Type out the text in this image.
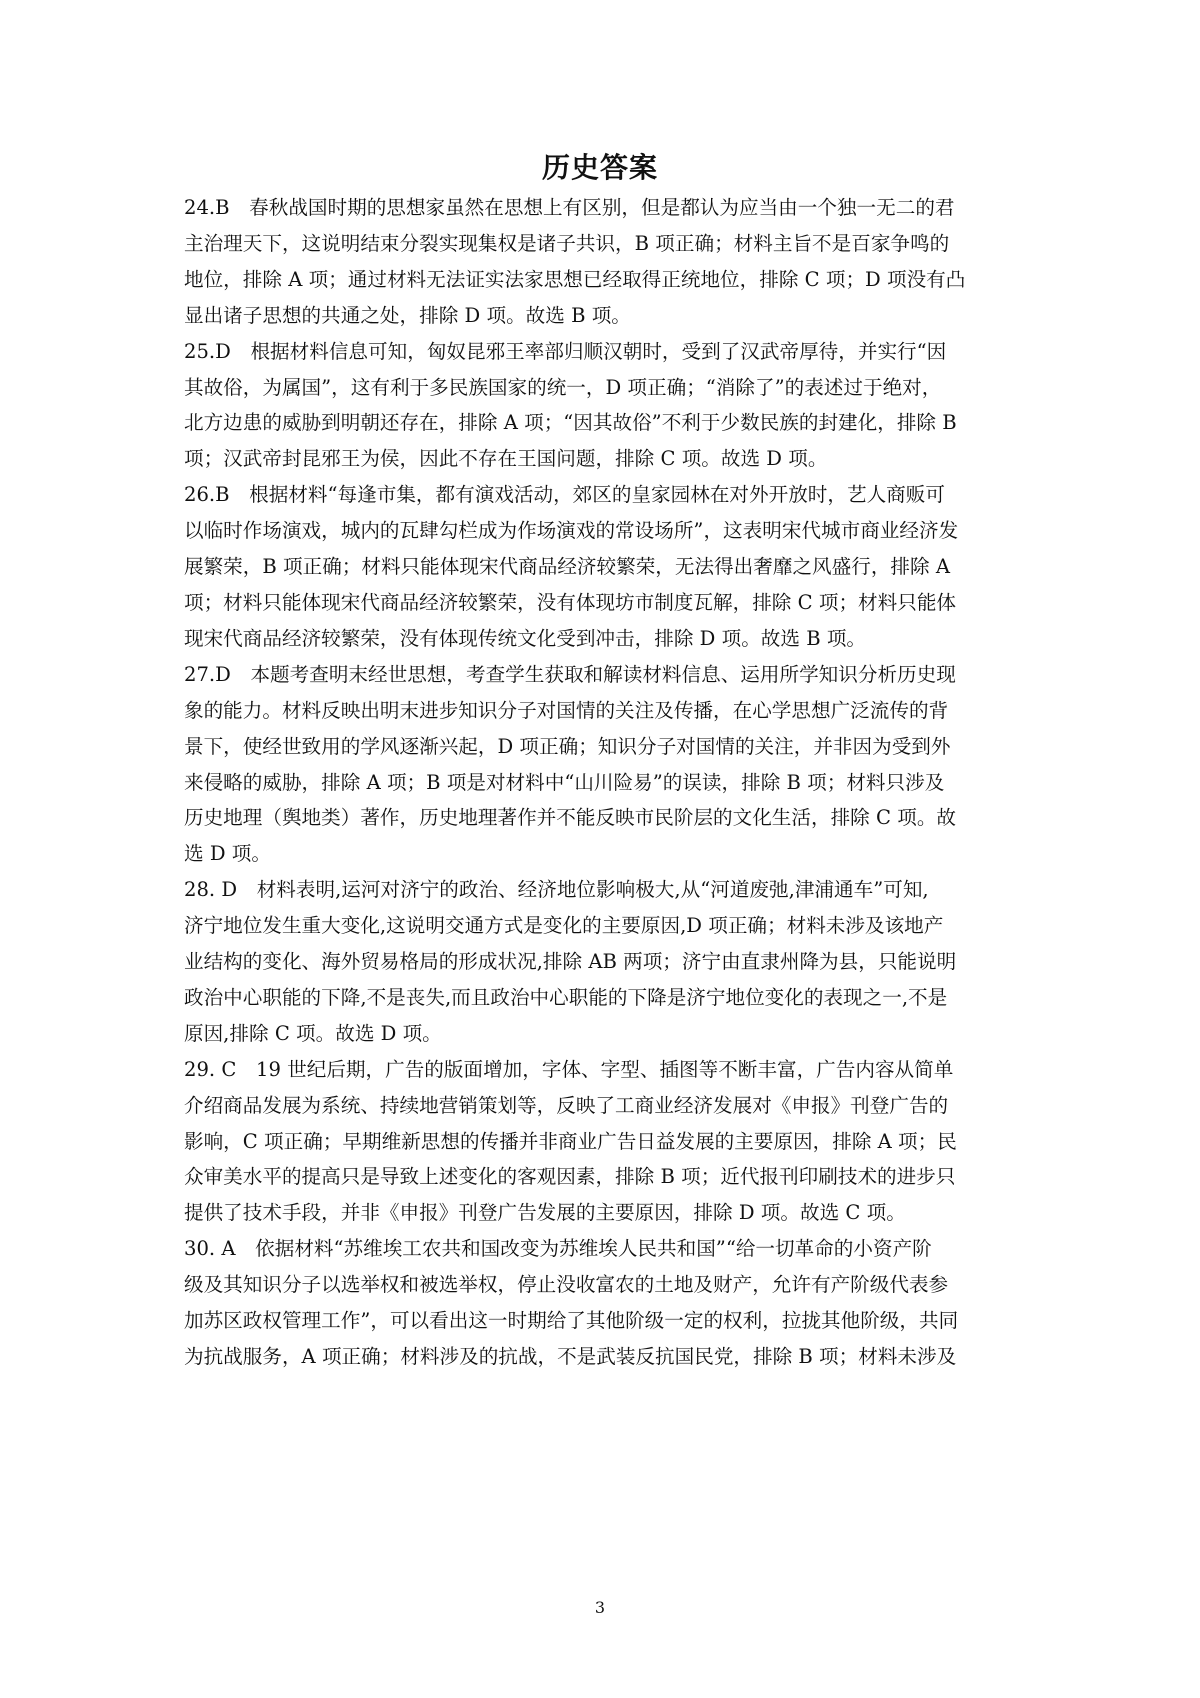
历史答案
24.B　春秋战国时期的思想家虽然在思想上有区别，但是都认为应当由一个独一无二的君
主治理天下，这说明结束分裂实现集权是诸子共识，B 项正确；材料主旨不是百家争鸣的
地位，排除 A 项；通过材料无法证实法家思想已经取得正统地位，排除 C 项；D 项没有凸
显出诸子思想的共通之处，排除 D 项。故选 B 项。
25.D　根据材料信息可知，匈奴昆邪王率部归顺汉朝时，受到了汉武帝厚待，并实行“因
其故俗，为属国”，这有利于多民族国家的统一，D 项正确；“消除了”的表述过于绝对，
北方边患的威胁到明朝还存在，排除 A 项；“因其故俗”不利于少数民族的封建化，排除 B
项；汉武帝封昆邪王为侯，因此不存在王国问题，排除 C 项。故选 D 项。
26.B　根据材料“每逢市集，都有演戏活动，郊区的皇家园林在对外开放时，艺人商贩可
以临时作场演戏，城内的瓦肆勾栏成为作场演戏的常设场所”，这表明宋代城市商业经济发
展繁荣，B 项正确；材料只能体现宋代商品经济较繁荣，无法得出奢靡之风盛行，排除 A
项；材料只能体现宋代商品经济较繁荣，没有体现坊市制度瓦解，排除 C 项；材料只能体
现宋代商品经济较繁荣，没有体现传统文化受到冲击，排除 D 项。故选 B 项。
27.D　本题考查明末经世思想，考查学生获取和解读材料信息、运用所学知识分析历史现
象的能力。材料反映出明末进步知识分子对国情的关注及传播，在心学思想广泛流传的背
景下，使经世致用的学风逐渐兴起，D 项正确；知识分子对国情的关注，并非因为受到外
来侵略的威胁，排除 A 项；B 项是对材料中“山川险易”的误读，排除 B 项；材料只涉及
历史地理（舆地类）著作，历史地理著作并不能反映市民阶层的文化生活，排除 C 项。故
选 D 项。
28. D　材料表明,运河对济宁的政治、经济地位影响极大,从“河道废弛,津浦通车”可知,
济宁地位发生重大变化,这说明交通方式是变化的主要原因,D 项正确；材料未涉及该地产
业结构的变化、海外贸易格局的形成状况,排除 AB 两项；济宁由直隶州降为县，只能说明
政治中心职能的下降,不是丧失,而且政治中心职能的下降是济宁地位变化的表现之一,不是
原因,排除 C 项。故选 D 项。
29. C　19 世纪后期，广告的版面增加，字体、字型、插图等不断丰富，广告内容从简单
介绍商品发展为系统、持续地营销策划等，反映了工商业经济发展对《申报》刊登广告的
影响，C 项正确；早期维新思想的传播并非商业广告日益发展的主要原因，排除 A 项；民
众审美水平的提高只是导致上述变化的客观因素，排除 B 项；近代报刊印刷技术的进步只
提供了技术手段，并非《申报》刊登广告发展的主要原因，排除 D 项。故选 C 项。
30. A　依据材料“苏维埃工农共和国改变为苏维埃人民共和国”“给一切革命的小资产阶
级及其知识分子以选举权和被选举权，停止没收富农的土地及财产，允许有产阶级代表参
加苏区政权管理工作”，可以看出这一时期给了其他阶级一定的权利，拉拢其他阶级，共同
为抗战服务，A 项正确；材料涉及的抗战，不是武装反抗国民党，排除 B 项；材料未涉及
3
